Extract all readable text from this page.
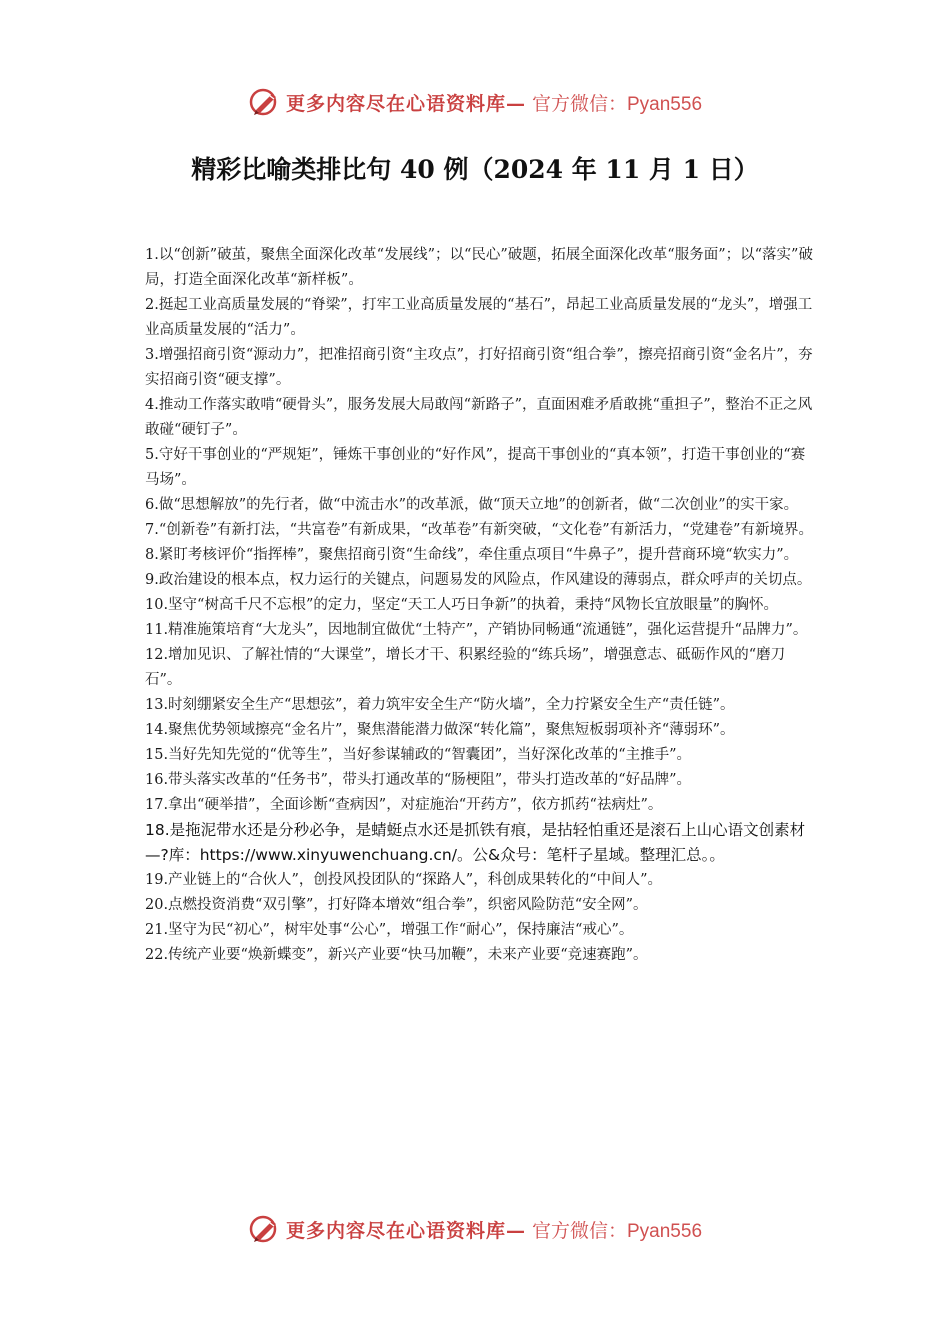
更多内容尽在心语资料库— 官方微信：Pyan556
精彩比喻类排比句 40 例（2024 年 11 月 1 日）

1.以“创新”破茧，聚焦全面深化改革“发展线”；以“民心”破题，拓展全面深化改革“服务面”；以“落实”破局，打造全面深化改革“新样板”。

2.挺起工业高质量发展的“脊梁”，打牢工业高质量发展的“基石”，昂起工业高质量发展的“龙头”，增强工业高质量发展的“活力”。

3.增强招商引资“源动力”，把准招商引资“主攻点”，打好招商引资“组合拳”，擦亮招商引资“金名片”，夯实招商引资“硬支撑”。

4.推动工作落实敢啃“硬骨头”，服务发展大局敢闯“新路子”，直面困难矛盾敢挑“重担子”，整治不正之风敢碰“硬钉子”。

5.守好干事创业的“严规矩”，锤炼干事创业的“好作风”，提高干事创业的“真本领”，打造干事创业的“赛马场”。

6.做“思想解放”的先行者，做“中流击水”的改革派，做“顶天立地”的创新者，做“二次创业”的实干家。

7.“创新卷”有新打法，“共富卷”有新成果，“改革卷”有新突破，“文化卷”有新活力，“党建卷”有新境界。

8.紧盯考核评价“指挥棒”，聚焦招商引资“生命线”，牵住重点项目“牛鼻子”，提升营商环境“软实力”。

9.政治建设的根本点，权力运行的关键点，问题易发的风险点，作风建设的薄弱点，群众呼声的关切点。

10.坚守“树高千尺不忘根”的定力，坚定“天工人巧日争新”的执着，秉持“风物长宜放眼量”的胸怀。

11.精准施策培育“大龙头”，因地制宜做优“土特产”，产销协同畅通“流通链”，强化运营提升“品牌力”。

12.增加见识、了解社情的“大课堂”，增长才干、积累经验的“练兵场”，增强意志、砥砺作风的“磨刀石”。

13.时刻绷紧安全生产“思想弦”，着力筑牢安全生产“防火墙”，全力拧紧安全生产“责任链”。

14.聚焦优势领域擦亮“金名片”，聚焦潜能潜力做深“转化篇”，聚焦短板弱项补齐“薄弱环”。

15.当好先知先觉的“优等生”，当好参谋辅政的“智囊团”，当好深化改革的“主推手”。

16.带头落实改革的“任务书”，带头打通改革的“肠梗阻”，带头打造改革的“好品牌”。

17.拿出“硬举措”，全面诊断“查病因”，对症施治“开药方”，依方抓药“祛病灶”。

18.是拖泥带水还是分秒必争，是蜻蜓点水还是抓铁有痕，是拈轻怕重还是滚石上山心语文创素材—?库：https://www.xinyuwenchuang.cn/。公&众号：笔杆子星域。整理汇总。。

19.产业链上的“合伙人”，创投风投团队的“探路人”，科创成果转化的“中间人”。

20.点燃投资消费“双引擎”，打好降本增效“组合拳”，织密风险防范“安全网”。

21.坚守为民“初心”，树牢处事“公心”，增强工作“耐心”，保持廉洁“戒心”。

22.传统产业要“焕新蝶变”，新兴产业要“快马加鞭”，未来产业要“竞速赛跑”。

更多内容尽在心语资料库— 官方微信：Pyan556
